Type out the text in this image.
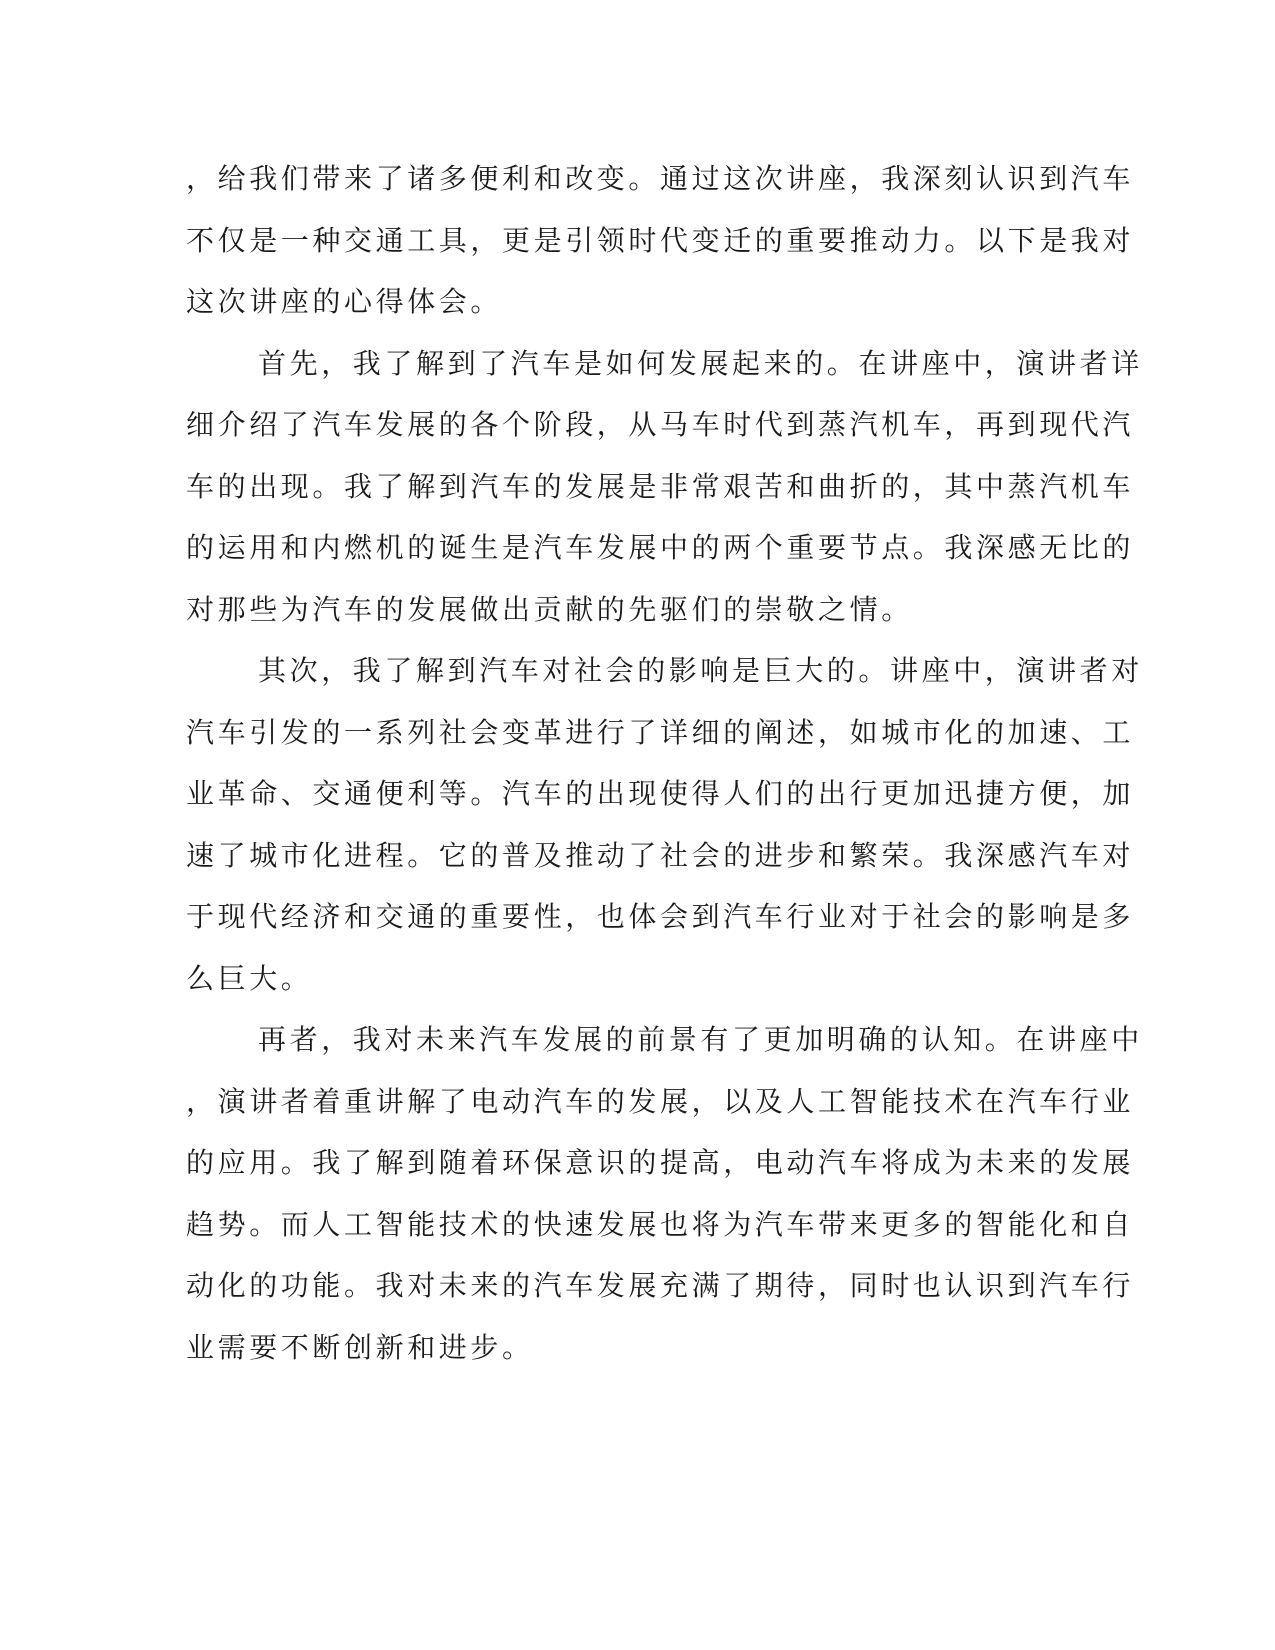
，给我们带来了诸多便利和改变。通过这次讲座，我深刻认识到汽车
不仅是一种交通工具，更是引领时代变迁的重要推动力。以下是我对
这次讲座的心得体会。
首先，我了解到了汽车是如何发展起来的。在讲座中，演讲者详
细介绍了汽车发展的各个阶段，从马车时代到蒸汽机车，再到现代汽
车的出现。我了解到汽车的发展是非常艰苦和曲折的，其中蒸汽机车
的运用和内燃机的诞生是汽车发展中的两个重要节点。我深感无比的
对那些为汽车的发展做出贡献的先驱们的崇敬之情。
其次，我了解到汽车对社会的影响是巨大的。讲座中，演讲者对
汽车引发的一系列社会变革进行了详细的阐述，如城市化的加速、工
业革命、交通便利等。汽车的出现使得人们的出行更加迅捷方便，加
速了城市化进程。它的普及推动了社会的进步和繁荣。我深感汽车对
于现代经济和交通的重要性，也体会到汽车行业对于社会的影响是多
么巨大。
再者，我对未来汽车发展的前景有了更加明确的认知。在讲座中
，演讲者着重讲解了电动汽车的发展，以及人工智能技术在汽车行业
的应用。我了解到随着环保意识的提高，电动汽车将成为未来的发展
趋势。而人工智能技术的快速发展也将为汽车带来更多的智能化和自
动化的功能。我对未来的汽车发展充满了期待，同时也认识到汽车行
业需要不断创新和进步。
